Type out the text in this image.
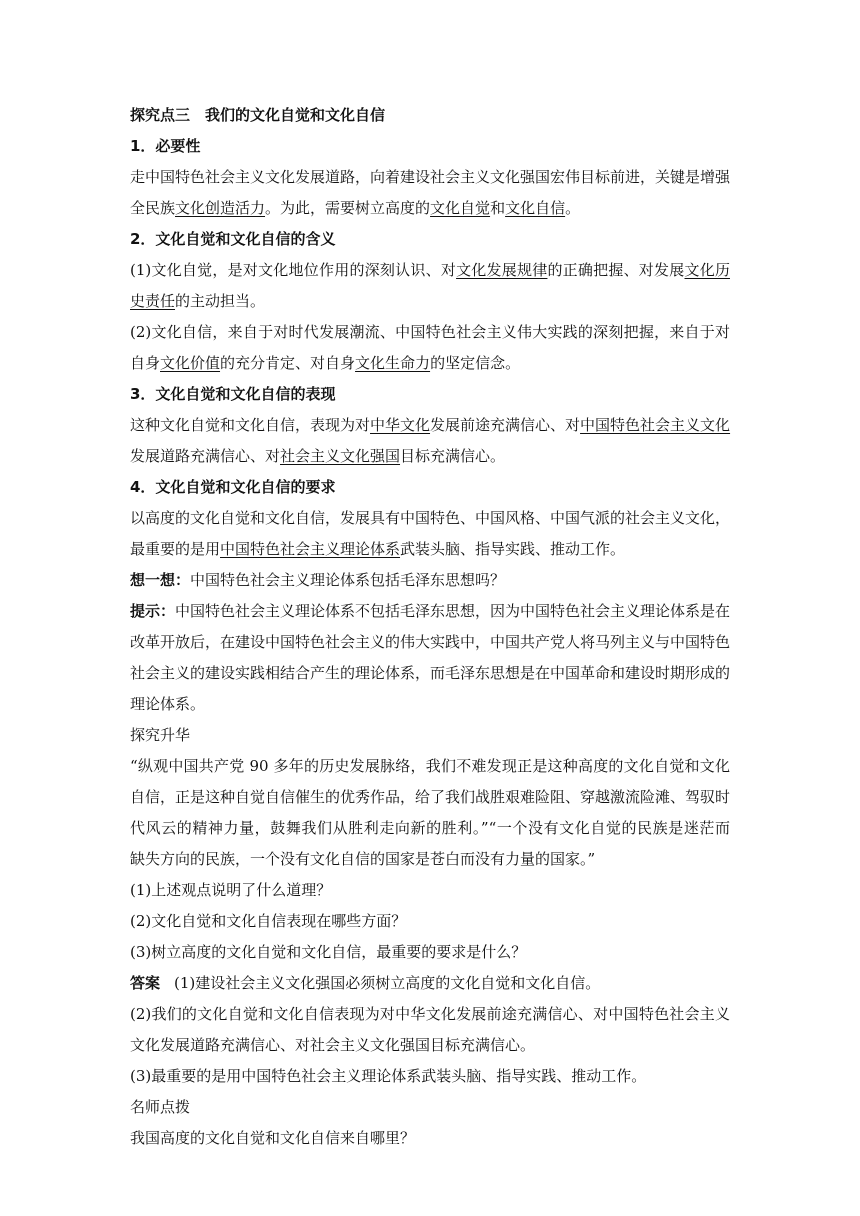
探究点三　我们的文化自觉和文化自信
1．必要性
走中国特色社会主义文化发展道路，向着建设社会主义文化强国宏伟目标前进，关键是增强
全民族文化创造活力。为此，需要树立高度的文化自觉和文化自信。
2．文化自觉和文化自信的含义
(1)文化自觉，是对文化地位作用的深刻认识、对文化发展规律的正确把握、对发展文化历
史责任的主动担当。
(2)文化自信，来自于对时代发展潮流、中国特色社会主义伟大实践的深刻把握，来自于对
自身文化价值的充分肯定、对自身文化生命力的坚定信念。
3．文化自觉和文化自信的表现
这种文化自觉和文化自信，表现为对中华文化发展前途充满信心、对中国特色社会主义文化
发展道路充满信心、对社会主义文化强国目标充满信心。
4．文化自觉和文化自信的要求
以高度的文化自觉和文化自信，发展具有中国特色、中国风格、中国气派的社会主义文化，
最重要的是用中国特色社会主义理论体系武装头脑、指导实践、推动工作。
想一想：中国特色社会主义理论体系包括毛泽东思想吗？
提示：中国特色社会主义理论体系不包括毛泽东思想，因为中国特色社会主义理论体系是在
改革开放后，在建设中国特色社会主义的伟大实践中，中国共产党人将马列主义与中国特色
社会主义的建设实践相结合产生的理论体系，而毛泽东思想是在中国革命和建设时期形成的
理论体系。
探究升华
“纵观中国共产党 90 多年的历史发展脉络，我们不难发现正是这种高度的文化自觉和文化
自信，正是这种自觉自信催生的优秀作品，给了我们战胜艰难险阻、穿越激流险滩、驾驭时
代风云的精神力量，鼓舞我们从胜利走向新的胜利。”“一个没有文化自觉的民族是迷茫而
缺失方向的民族，一个没有文化自信的国家是苍白而没有力量的国家。”
(1)上述观点说明了什么道理？
(2)文化自觉和文化自信表现在哪些方面？
(3)树立高度的文化自觉和文化自信，最重要的要求是什么？
答案 (1)建设社会主义文化强国必须树立高度的文化自觉和文化自信。
(2)我们的文化自觉和文化自信表现为对中华文化发展前途充满信心、对中国特色社会主义
文化发展道路充满信心、对社会主义文化强国目标充满信心。
(3)最重要的是用中国特色社会主义理论体系武装头脑、指导实践、推动工作。
名师点拨
我国高度的文化自觉和文化自信来自哪里？
